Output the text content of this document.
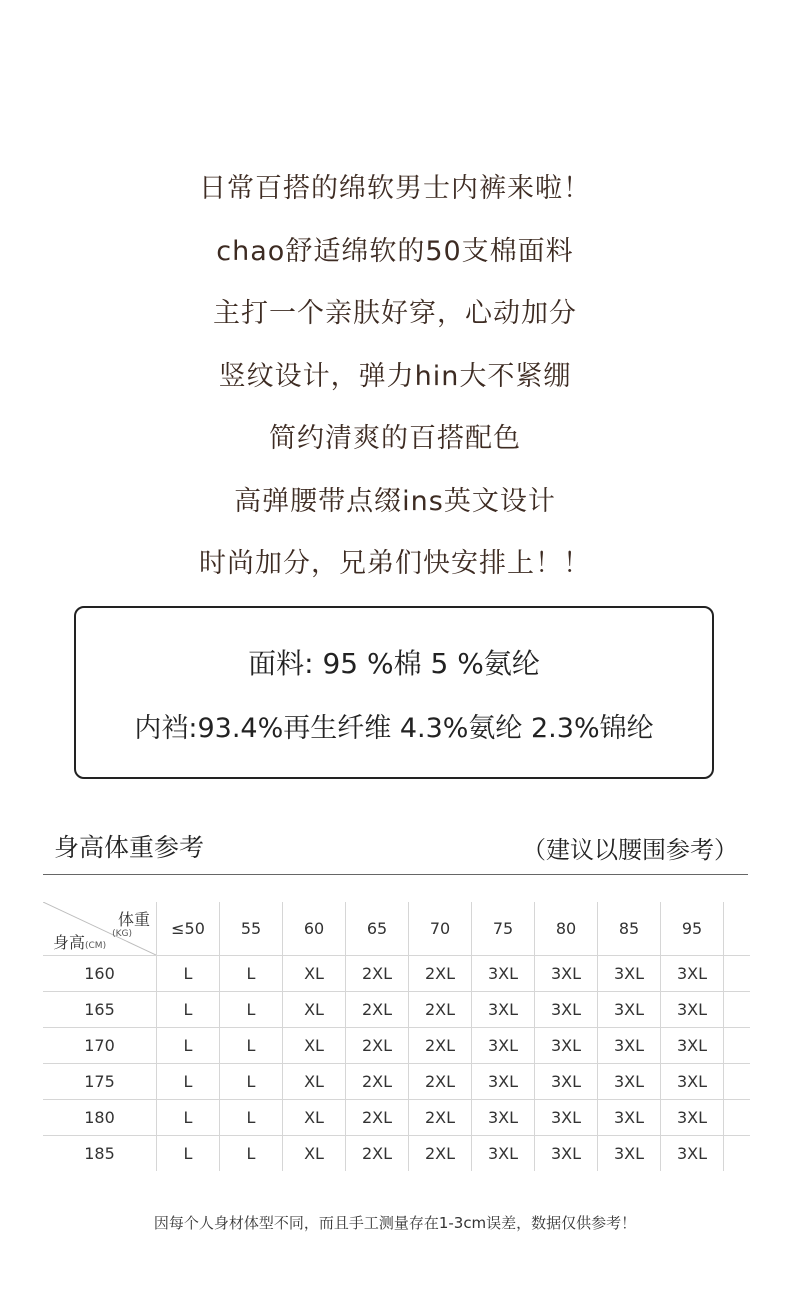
日常百搭的绵软男士内裤来啦！
chao舒适绵软的50支棉面料
主打一个亲肤好穿，心动加分
竖纹设计，弹力hin大不紧绷
简约清爽的百搭配色
高弹腰带点缀ins英文设计
时尚加分，兄弟们快安排上！！
面料: 95 %棉 5 %氨纶
内裆:93.4%再生纤维 4.3%氨纶 2.3%锦纶
身高体重参考	（建议以腰围参考）
体重
(KG)
身高(CM)	≤50	55	60	65	70	75	80	85	95	
160	L	L	XL	2XL	2XL	3XL	3XL	3XL	3XL	
165	L	L	XL	2XL	2XL	3XL	3XL	3XL	3XL	
170	L	L	XL	2XL	2XL	3XL	3XL	3XL	3XL	
175	L	L	XL	2XL	2XL	3XL	3XL	3XL	3XL	
180	L	L	XL	2XL	2XL	3XL	3XL	3XL	3XL	
185	L	L	XL	2XL	2XL	3XL	3XL	3XL	3XL	
因每个人身材体型不同，而且手工测量存在1-3cm误差，数据仅供参考！
